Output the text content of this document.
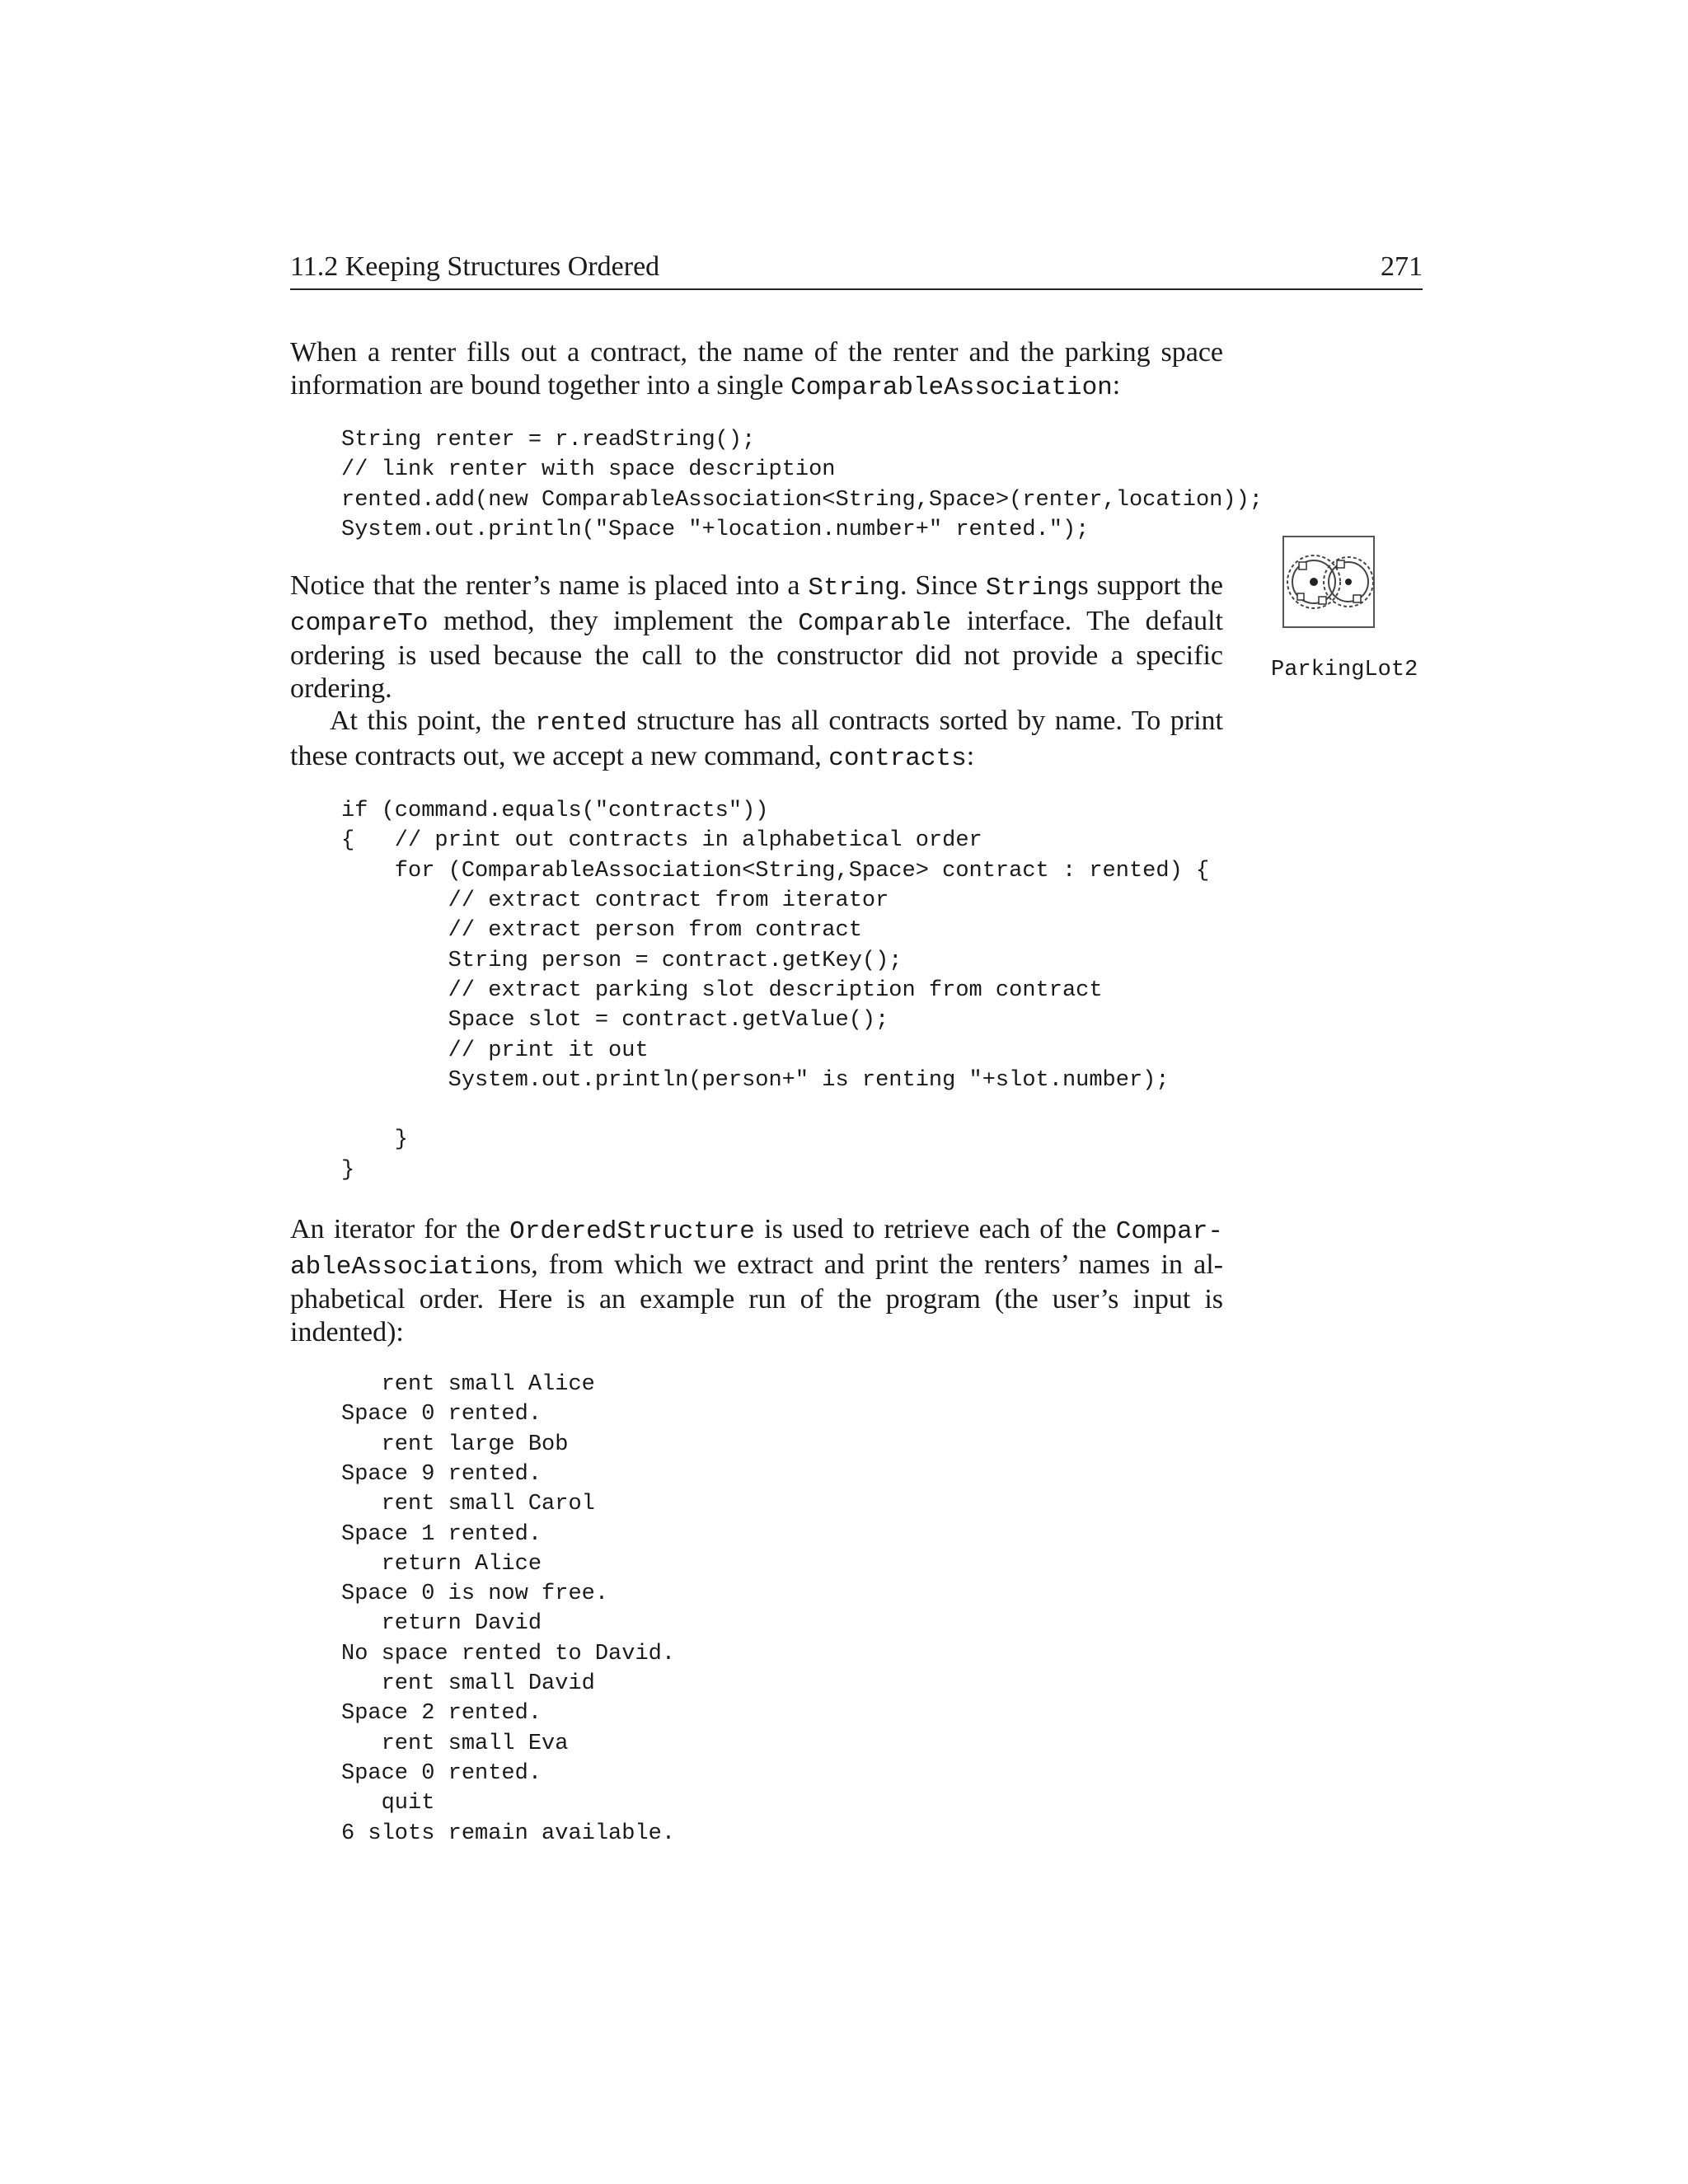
11.2 Keeping Structures Ordered	271

When a renter fills out a contract, the name of the renter and the parking space information are bound together into a single ComparableAssociation:

String renter = r.readString();
// link renter with space description
rented.add(new ComparableAssociation<String,Space>(renter,location));
System.out.println("Space "+location.number+" rented.");
ParkingLot2

Notice that the renter’s name is placed into a String. Since Strings support the compareTo method, they implement the Comparable interface. The default ordering is used because the call to the constructor did not provide a specific ordering.

At this point, the rented structure has all contracts sorted by name. To print these contracts out, we accept a new command, contracts:

if (command.equals("contracts"))
{   // print out contracts in alphabetical order
for (ComparableAssociation<String,Space> contract : rented) {
// extract contract from iterator
// extract person from contract
String person = contract.getKey();
// extract parking slot description from contract
Space slot = contract.getValue();
// print it out
System.out.println(person+" is renting "+slot.number);

}
}

An iterator for the OrderedStructure is used to retrieve each of the Compar-ableAssociations, from which we extract and print the renters’ names in al-phabetical order. Here is an example run of the program (the user’s input is indented):

rent small Alice
Space 0 rented.
rent large Bob
Space 9 rented.
rent small Carol
Space 1 rented.
return Alice
Space 0 is now free.
return David
No space rented to David.
rent small David
Space 2 rented.
rent small Eva
Space 0 rented.
quit
6 slots remain available.
